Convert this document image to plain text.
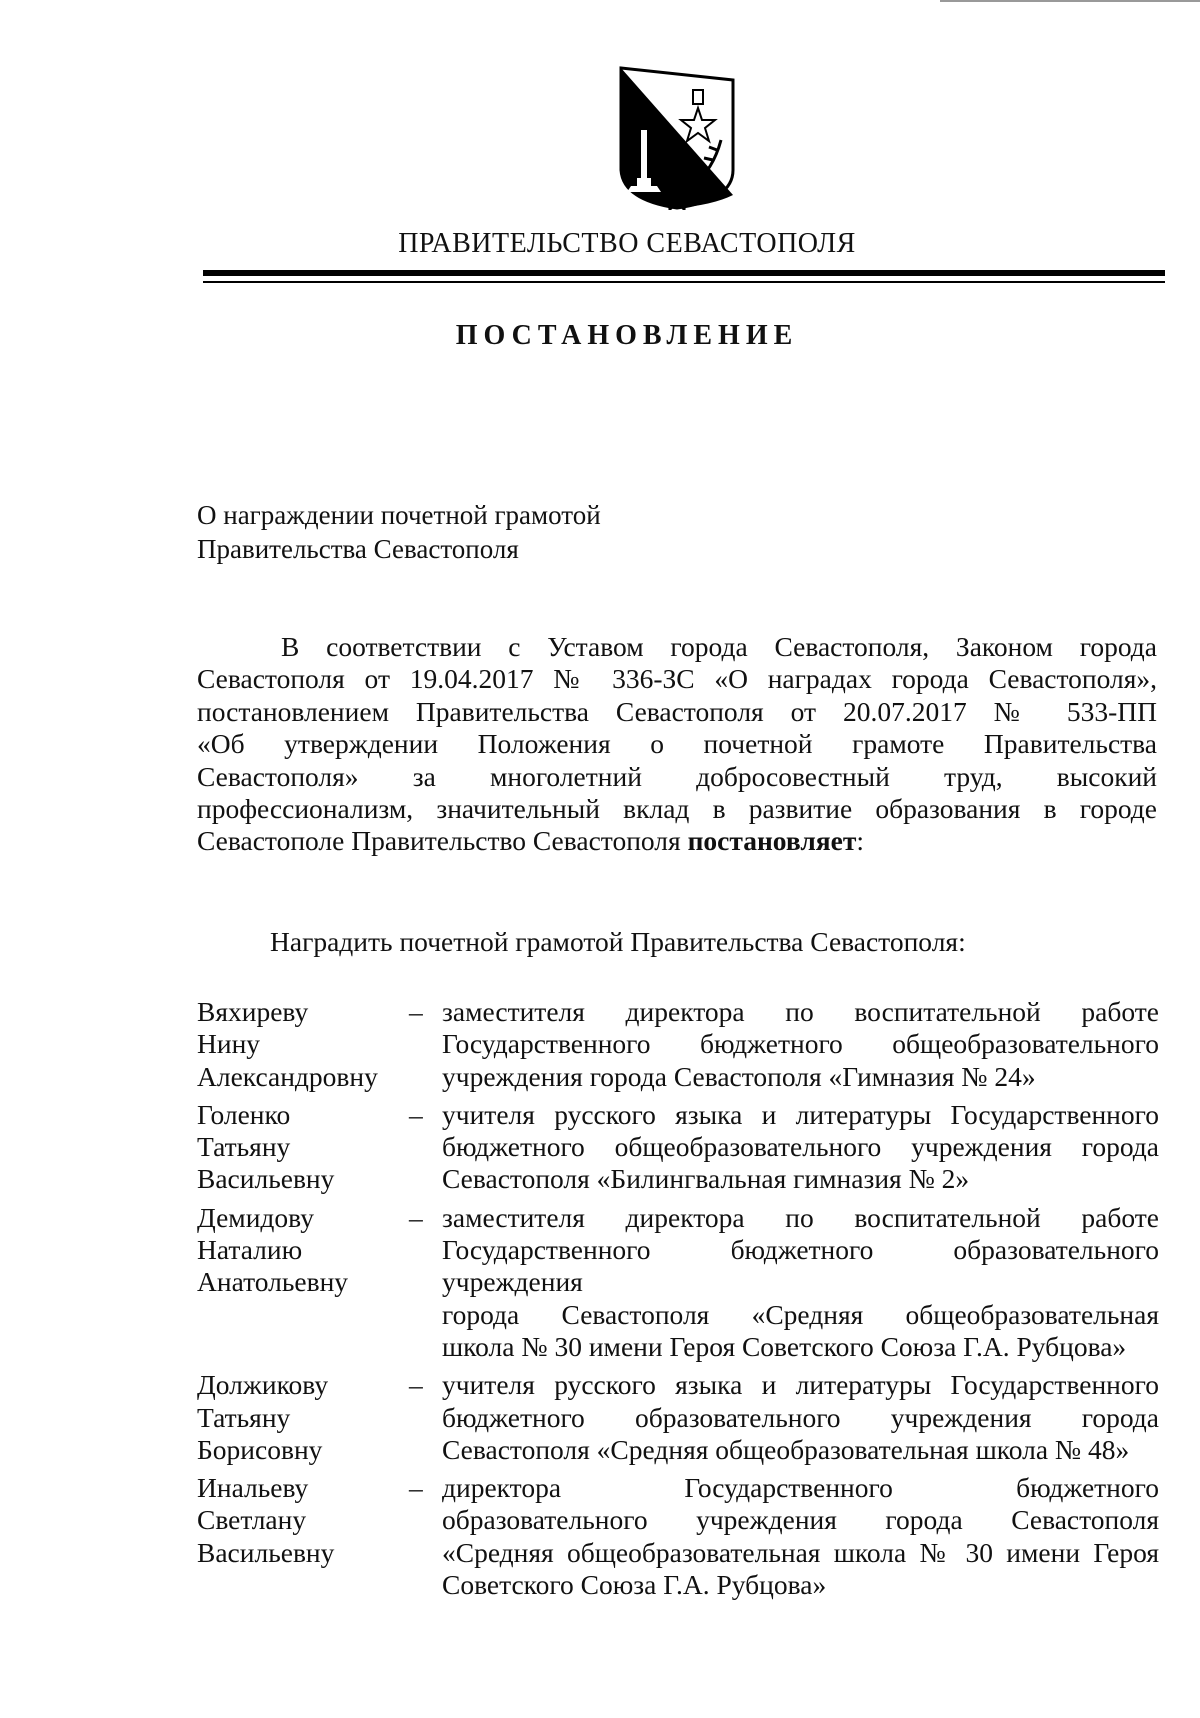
ПРАВИТЕЛЬСТВО СЕВАСТОПОЛЯ
ПОСТАНОВЛЕНИЕ
О награждении почетной грамотой
Правительства Севастополя

В соответствии с Уставом города Севастополя, Законом города
Севастополя от 19.04.2017 № 336-ЗС «О наградах города Севастополя»,
постановлением Правительства Севастополя от 20.07.2017 № 533-ПП
«Об утверждении Положения о почетной грамоте Правительства
Севастополя» за многолетний добросовестный труд, высокий
профессионализм, значительный вклад в развитие образования в городе
Севастополе Правительство Севастополя постановляет:

Наградить почетной грамотой Правительства Севастополя:
Вяхиреву
Нину
Александровну
– заместителя директора по воспитательной работе
Государственного бюджетного общеобразовательного
учреждения города Севастополя «Гимназия № 24»
Голенко
Татьяну
Васильевну
– учителя русского языка и литературы Государственного
бюджетного общеобразовательного учреждения города
Севастополя «Билингвальная гимназия № 2»
Демидову
Наталию
Анатольевну
– заместителя директора по воспитательной работе
Государственного бюджетного образовательного учреждения
города Севастополя «Средняя общеобразовательная
школа № 30 имени Героя Советского Союза Г.А. Рубцова»
Должикову
Татьяну
Борисовну
– учителя русского языка и литературы Государственного
бюджетного образовательного учреждения города
Севастополя «Средняя общеобразовательная школа № 48»
Инальеву
Светлану
Васильевну
– директора Государственного бюджетного
образовательного учреждения города Севастополя
«Средняя общеобразовательная школа № 30 имени Героя
Советского Союза Г.А. Рубцова»
